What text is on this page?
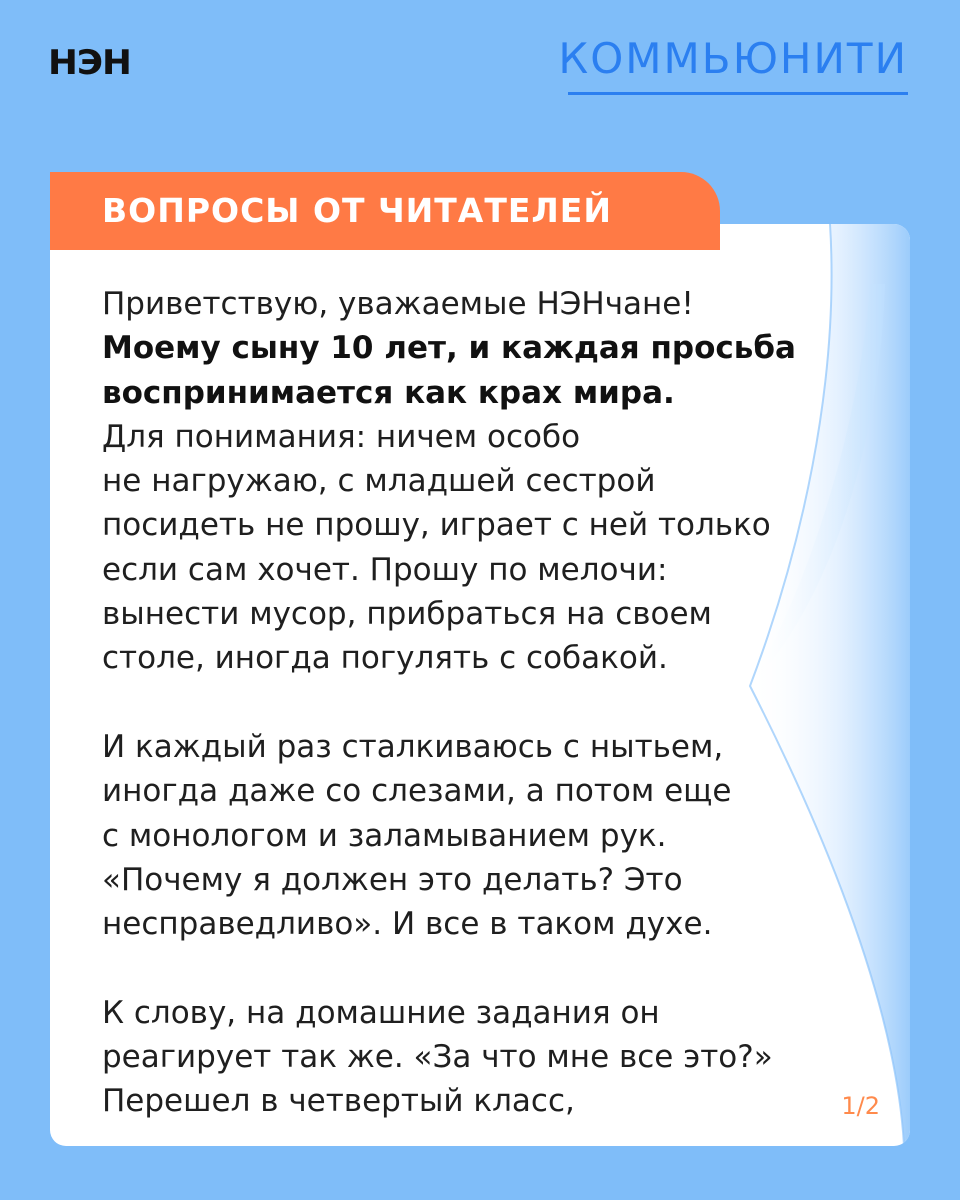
НЭН	КОММЬЮНИТИ
Приветствую, уважаемые НЭНчане!
Моему сыну 10 лет, и каждая просьба
воспринимается как крах мира.
Для понимания: ничем особо
не нагружаю, с младшей сестрой
посидеть не прошу, играет с ней только
если сам хочет. Прошу по мелочи:
вынести мусор, прибраться на своем
столе, иногда погулять с собакой.
И каждый раз сталкиваюсь с нытьем,
иногда даже со слезами, а потом еще
с монологом и заламыванием рук.
«Почему я должен это делать? Это
несправедливо». И все в таком духе.
К слову, на домашние задания он
реагирует так же. «За что мне все это?»
Перешел в четвертый класс,	1/2
ВОПРОСЫ ОТ ЧИТАТЕЛЕЙ
